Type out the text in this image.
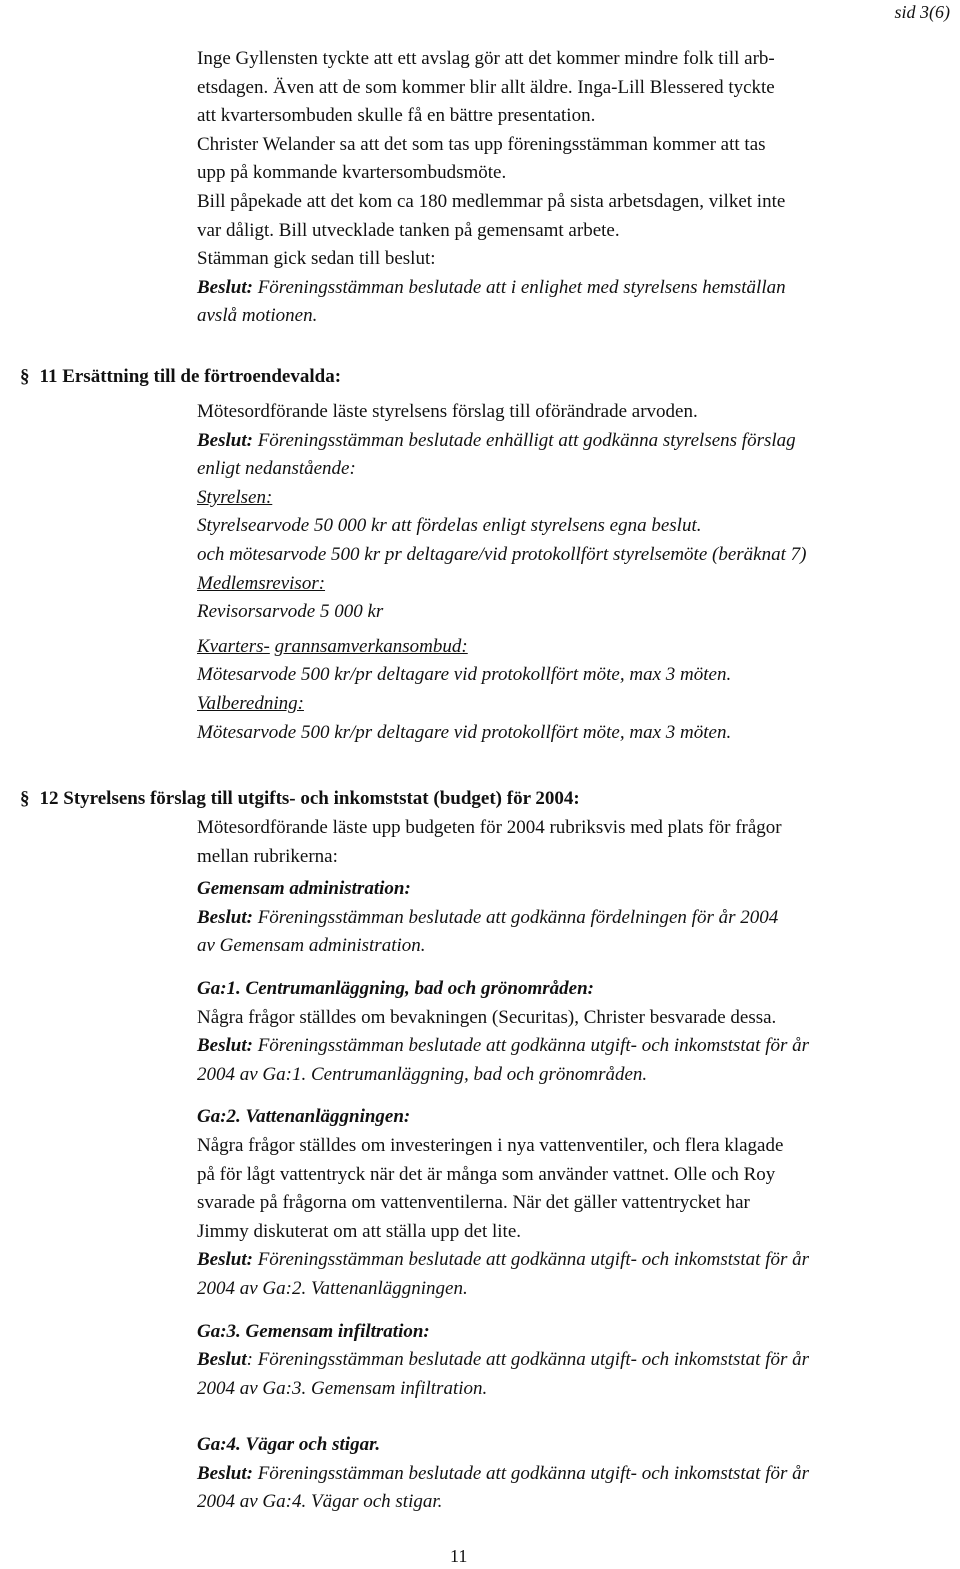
sid 3(6)
Inge Gyllensten tyckte att ett avslag gör att det kommer mindre folk till arb-
etsdagen. Även att de som kommer blir allt äldre. Inga-Lill Blessered tyckte
att kvartersombuden skulle få en bättre presentation.
Christer Welander sa att det som tas upp föreningsstämman kommer att tas
upp på kommande kvartersombudsmöte.
Bill påpekade att det kom ca 180 medlemmar på sista arbetsdagen, vilket inte
var dåligt. Bill utvecklade tanken på gemensamt arbete.
Stämman gick sedan till beslut:
Beslut: Föreningsstämman beslutade att i enlighet med styrelsens hemställan
avslå motionen.
§ 11 Ersättning till de förtroendevalda:
Mötesordförande läste styrelsens förslag till oförändrade arvoden.
Beslut: Föreningsstämman beslutade enhälligt att godkänna styrelsens förslag
enligt nedanstående:
Styrelsen:
Styrelsearvode 50 000 kr att fördelas enligt styrelsens egna beslut.
och mötesarvode 500 kr pr deltagare/vid protokollfört styrelsemöte (beräknat 7)
Medlemsrevisor:
Revisorsarvode 5 000 kr
Kvarters- grannsamverkansombud:
Mötesarvode 500 kr/pr deltagare vid protokollfört möte, max 3 möten.
Valberedning:
Mötesarvode 500 kr/pr deltagare vid protokollfört möte, max 3 möten.
§ 12 Styrelsens förslag till utgifts- och inkomststat (budget) för 2004:
Mötesordförande läste upp budgeten för 2004 rubriksvis med plats för frågor
mellan rubrikerna:
Gemensam administration:
Beslut: Föreningsstämman beslutade att godkänna fördelningen för år 2004
av Gemensam administration.
Ga:1. Centrumanläggning, bad och grönområden:
Några frågor ställdes om bevakningen (Securitas), Christer besvarade dessa.
Beslut: Föreningsstämman beslutade att godkänna utgift- och inkomststat för år
2004 av Ga:1. Centrumanläggning, bad och grönområden.
Ga:2. Vattenanläggningen:
Några frågor ställdes om investeringen i nya vattenventiler, och flera klagade
på för lågt vattentryck när det är många som använder vattnet. Olle och Roy
svarade på frågorna om vattenventilerna. När det gäller vattentrycket har
Jimmy diskuterat om att ställa upp det lite.
Beslut: Föreningsstämman beslutade att godkänna utgift- och inkomststat för år
2004 av Ga:2. Vattenanläggningen.
Ga:3. Gemensam infiltration:
Beslut: Föreningsstämman beslutade att godkänna utgift- och inkomststat för år
2004 av Ga:3. Gemensam infiltration.
Ga:4. Vägar och stigar.
Beslut: Föreningsstämman beslutade att godkänna utgift- och inkomststat för år
2004 av Ga:4. Vägar och stigar.
11
